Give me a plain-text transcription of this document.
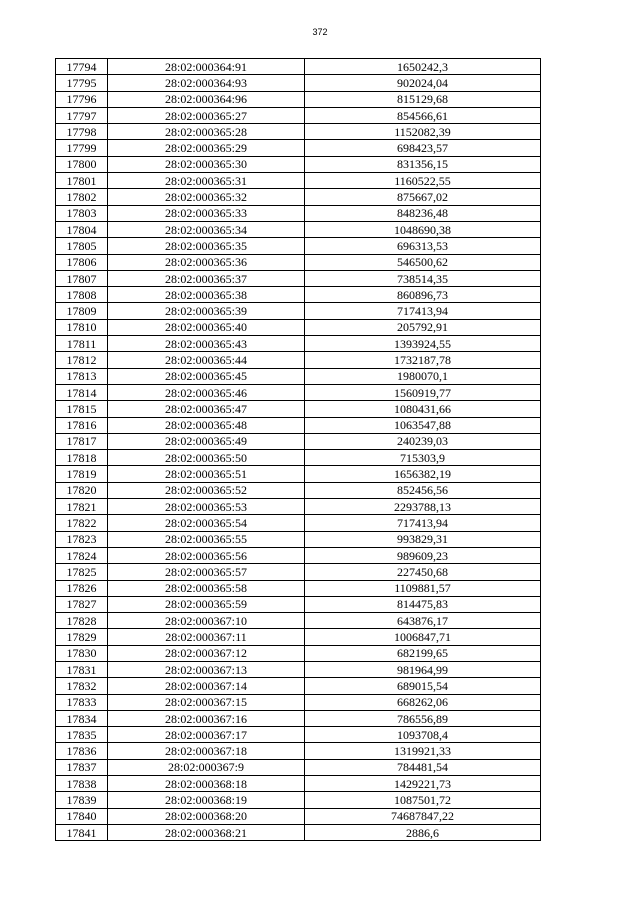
372
17794	28:02:000364:91	1650242,3
17795	28:02:000364:93	902024,04
17796	28:02:000364:96	815129,68
17797	28:02:000365:27	854566,61
17798	28:02:000365:28	1152082,39
17799	28:02:000365:29	698423,57
17800	28:02:000365:30	831356,15
17801	28:02:000365:31	1160522,55
17802	28:02:000365:32	875667,02
17803	28:02:000365:33	848236,48
17804	28:02:000365:34	1048690,38
17805	28:02:000365:35	696313,53
17806	28:02:000365:36	546500,62
17807	28:02:000365:37	738514,35
17808	28:02:000365:38	860896,73
17809	28:02:000365:39	717413,94
17810	28:02:000365:40	205792,91
17811	28:02:000365:43	1393924,55
17812	28:02:000365:44	1732187,78
17813	28:02:000365:45	1980070,1
17814	28:02:000365:46	1560919,77
17815	28:02:000365:47	1080431,66
17816	28:02:000365:48	1063547,88
17817	28:02:000365:49	240239,03
17818	28:02:000365:50	715303,9
17819	28:02:000365:51	1656382,19
17820	28:02:000365:52	852456,56
17821	28:02:000365:53	2293788,13
17822	28:02:000365:54	717413,94
17823	28:02:000365:55	993829,31
17824	28:02:000365:56	989609,23
17825	28:02:000365:57	227450,68
17826	28:02:000365:58	1109881,57
17827	28:02:000365:59	814475,83
17828	28:02:000367:10	643876,17
17829	28:02:000367:11	1006847,71
17830	28:02:000367:12	682199,65
17831	28:02:000367:13	981964,99
17832	28:02:000367:14	689015,54
17833	28:02:000367:15	668262,06
17834	28:02:000367:16	786556,89
17835	28:02:000367:17	1093708,4
17836	28:02:000367:18	1319921,33
17837	28:02:000367:9	784481,54
17838	28:02:000368:18	1429221,73
17839	28:02:000368:19	1087501,72
17840	28:02:000368:20	74687847,22
17841	28:02:000368:21	2886,6
